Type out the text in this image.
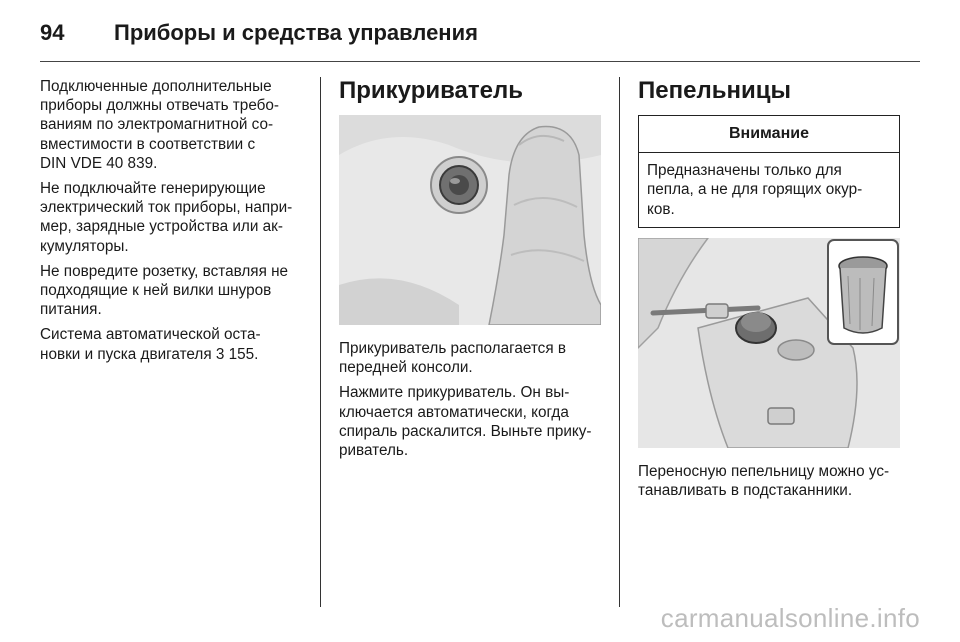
94	Приборы и средства управления

Подключенные дополнительные
приборы должны отвечать требо-
ваниям по электромагнитной со-
вместимости в соответствии с
DIN VDE 40 839.

Не подключайте генерирующие
электрический ток приборы, напри-
мер, зарядные устройства или ак-
кумуляторы.

Не повредите розетку, вставляя не
подходящие к ней вилки шнуров
питания.

Система автоматической оста-
новки и пуска двигателя 3 155.

Прикуриватель

Прикуриватель располагается в
передней консоли.

Нажмите прикуриватель. Он вы-
ключается автоматически, когда
спираль раскалится. Выньте прику-
риватель.

Пепельницы
Внимание
Предназначены только для
пепла, а не для горящих окур-
ков.

Переносную пепельницу можно ус-
танавливать в подстаканники.

carmanualsonline.info
